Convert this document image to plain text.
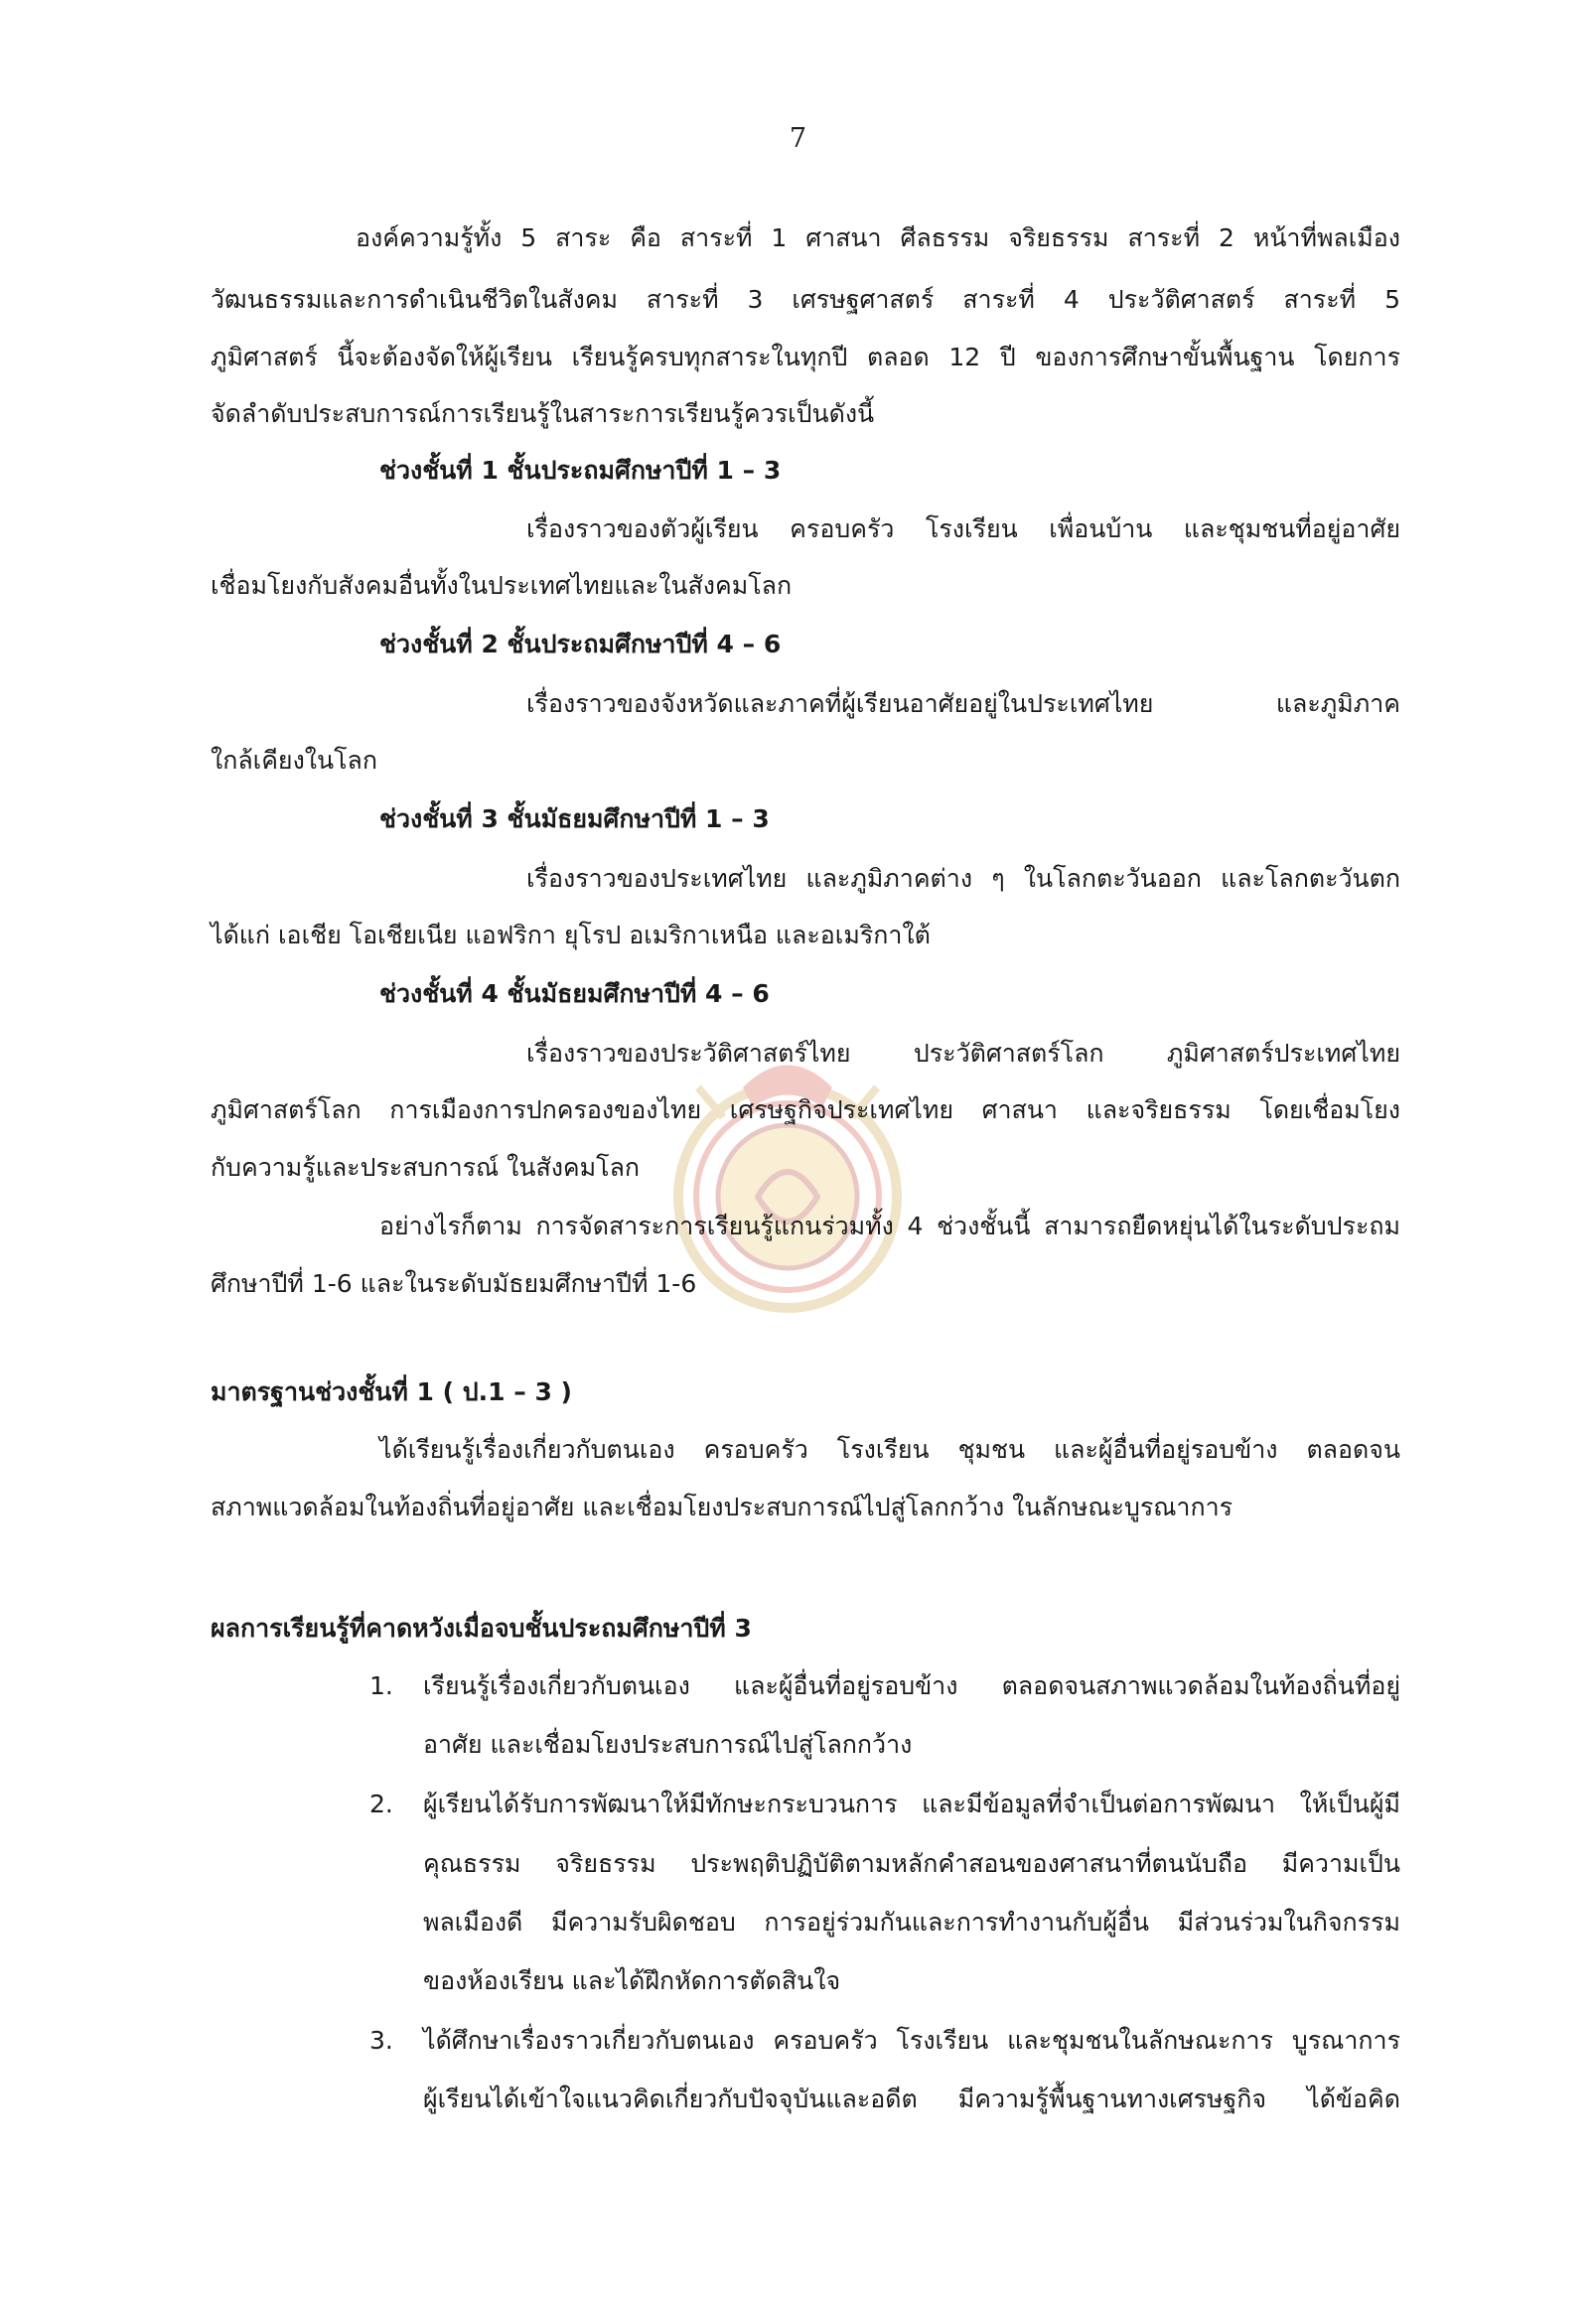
7
องค์ความรู้ทั้ง 5 สาระ คือ สาระที่ 1 ศาสนา ศีลธรรม จริยธรรม สาระที่ 2 หน้าที่พลเมือง
วัฒนธรรมและการดำเนินชีวิตในสังคม สาระที่ 3 เศรษฐศาสตร์ สาระที่ 4 ประวัติศาสตร์ สาระที่ 5
ภูมิศาสตร์ นี้จะต้องจัดให้ผู้เรียน เรียนรู้ครบทุกสาระในทุกปี ตลอด 12 ปี ของการศึกษาขั้นพื้นฐาน โดยการ
จัดลำดับประสบการณ์การเรียนรู้ในสาระการเรียนรู้ควรเป็นดังนี้
ช่วงชั้นที่ 1 ชั้นประถมศึกษาปีที่ 1 – 3
เรื่องราวของตัวผู้เรียน ครอบครัว โรงเรียน เพื่อนบ้าน และชุมชนที่อยู่อาศัย
เชื่อมโยงกับสังคมอื่นทั้งในประเทศไทยและในสังคมโลก
ช่วงชั้นที่ 2 ชั้นประถมศึกษาปีที่ 4 – 6
เรื่องราวของจังหวัดและภาคที่ผู้เรียนอาศัยอยู่ในประเทศไทย และภูมิภาค
ใกล้เคียงในโลก
ช่วงชั้นที่ 3 ชั้นมัธยมศึกษาปีที่ 1 – 3
เรื่องราวของประเทศไทย และภูมิภาคต่าง ๆ ในโลกตะวันออก และโลกตะวันตก
ได้แก่ เอเชีย โอเชียเนีย แอฟริกา ยุโรป อเมริกาเหนือ และอเมริกาใต้
ช่วงชั้นที่ 4 ชั้นมัธยมศึกษาปีที่ 4 – 6
เรื่องราวของประวัติศาสตร์ไทย ประวัติศาสตร์โลก ภูมิศาสตร์ประเทศไทย
ภูมิศาสตร์โลก การเมืองการปกครองของไทย เศรษฐกิจประเทศไทย ศาสนา และจริยธรรม โดยเชื่อมโยง
กับความรู้และประสบการณ์ ในสังคมโลก
อย่างไรก็ตาม การจัดสาระการเรียนรู้แกนร่วมทั้ง 4 ช่วงชั้นนี้ สามารถยืดหยุ่นได้ในระดับประถม
ศึกษาปีที่ 1-6 และในระดับมัธยมศึกษาปีที่ 1-6
มาตรฐานช่วงชั้นที่ 1 ( ป.1 – 3 )
ได้เรียนรู้เรื่องเกี่ยวกับตนเอง ครอบครัว โรงเรียน ชุมชน และผู้อื่นที่อยู่รอบข้าง ตลอดจน
สภาพแวดล้อมในท้องถิ่นที่อยู่อาศัย และเชื่อมโยงประสบการณ์ไปสู่โลกกว้าง ในลักษณะบูรณาการ
ผลการเรียนรู้ที่คาดหวังเมื่อจบชั้นประถมศึกษาปีที่ 3
1. เรียนรู้เรื่องเกี่ยวกับตนเอง และผู้อื่นที่อยู่รอบข้าง ตลอดจนสภาพแวดล้อมในท้องถิ่นที่อยู่
อาศัย และเชื่อมโยงประสบการณ์ไปสู่โลกกว้าง
2. ผู้เรียนได้รับการพัฒนาให้มีทักษะกระบวนการ และมีข้อมูลที่จำเป็นต่อการพัฒนา ให้เป็นผู้มี
คุณธรรม จริยธรรม ประพฤติปฏิบัติตามหลักคำสอนของศาสนาที่ตนนับถือ มีความเป็น
พลเมืองดี มีความรับผิดชอบ การอยู่ร่วมกันและการทำงานกับผู้อื่น มีส่วนร่วมในกิจกรรม
ของห้องเรียน และได้ฝึกหัดการตัดสินใจ
3. ได้ศึกษาเรื่องราวเกี่ยวกับตนเอง ครอบครัว โรงเรียน และชุมชนในลักษณะการ บูรณาการ
ผู้เรียนได้เข้าใจแนวคิดเกี่ยวกับปัจจุบันและอดีต มีความรู้พื้นฐานทางเศรษฐกิจ ได้ข้อคิด
